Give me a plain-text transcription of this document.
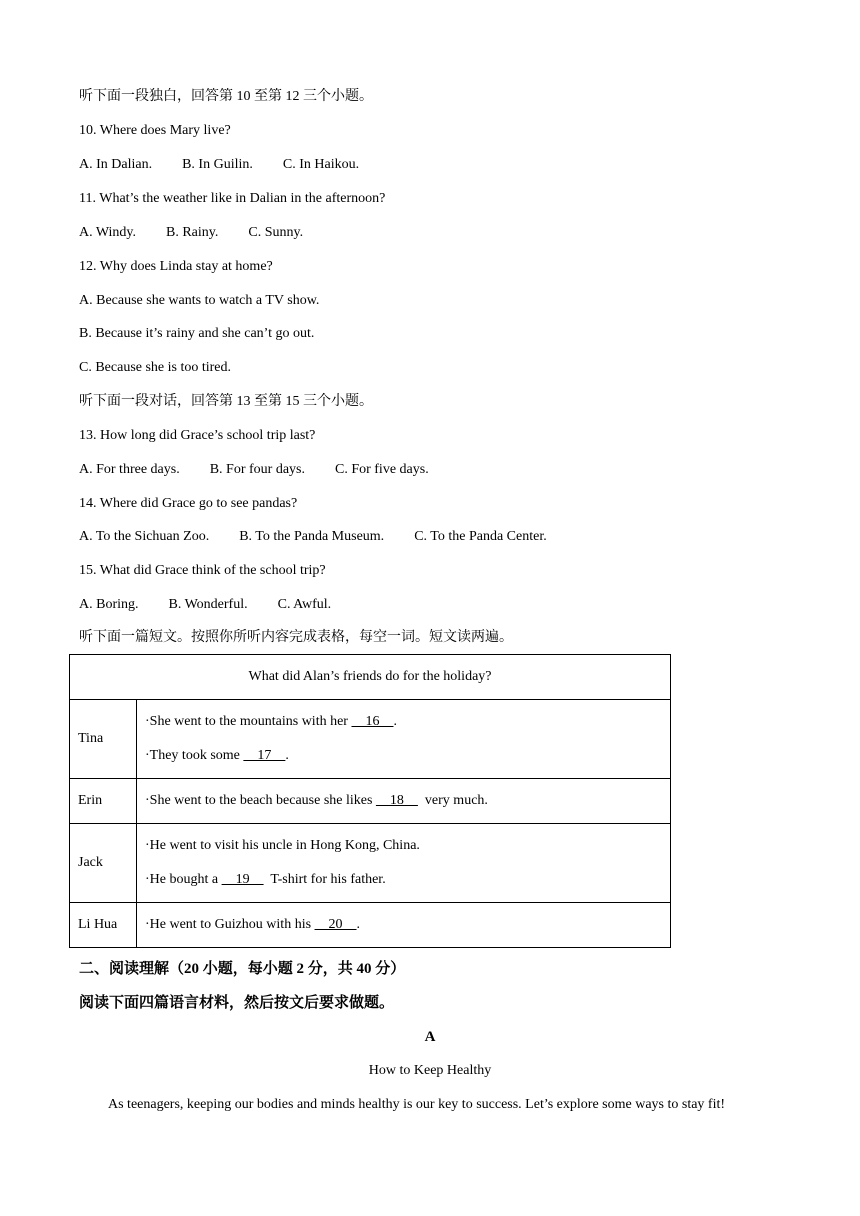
听下面一段独白，回答第 10 至第 12 三个小题。
10. Where does Mary live?
A. In Dalian. B. In Guilin. C. In Haikou.
11. What’s the weather like in Dalian in the afternoon?
A. Windy. B. Rainy. C. Sunny.
12. Why does Linda stay at home?
A. Because she wants to watch a TV show.
B. Because it’s rainy and she can’t go out.
C. Because she is too tired.
听下面一段对话，回答第 13 至第 15 三个小题。
13. How long did Grace’s school trip last?
A. For three days. B. For four days. C. For five days.
14. Where did Grace go to see pandas?
A. To the Sichuan Zoo. B. To the Panda Museum. C. To the Panda Center.
15. What did Grace think of the school trip?
A. Boring. B. Wonderful. C. Awful.
听下面一篇短文。按照你所听内容完成表格，每空一词。短文读两遍。
What did Alan’s friends do for the holiday?	
Tina	·She went to the mountains with her     16    .
·They took some     17    .

Erin	·She went to the beach because she likes     18      very much.

Jack	·He went to visit his uncle in Hong Kong, China.
·He bought a     19      T-shirt for his father.

Li Hua	·He went to Guizhou with his     20    .
二、阅读理解（20 小题，每小题 2 分，共 40 分）
阅读下面四篇语言材料，然后按文后要求做题。
A
How to Keep Healthy
As teenagers, keeping our bodies and minds healthy is our key to success. Let’s explore some ways to stay fit!
